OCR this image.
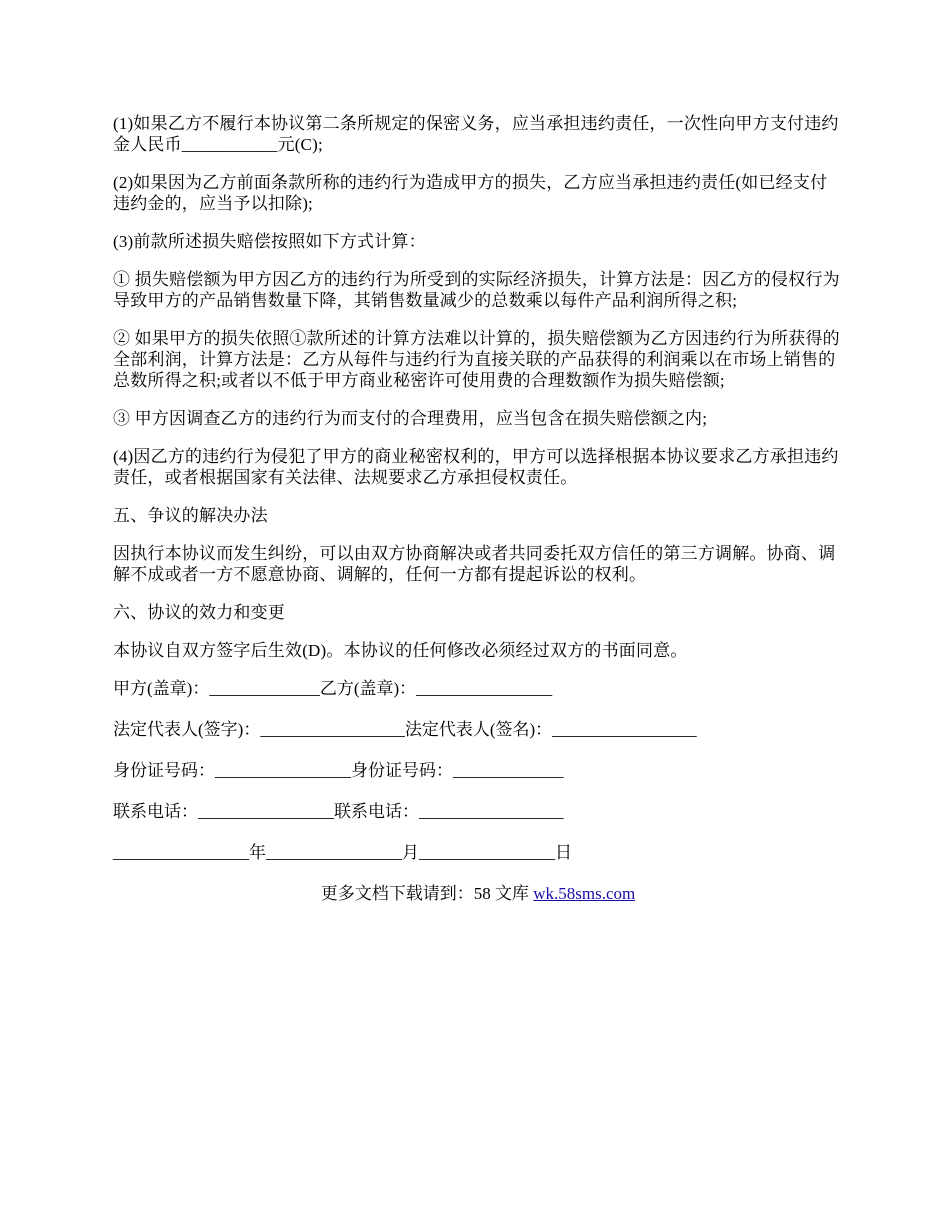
(1)如果乙方不履行本协议第二条所规定的保密义务，应当承担违约责任，一次性向甲方支付违约金人民币___________元(C);

(2)如果因为乙方前面条款所称的违约行为造成甲方的损失，乙方应当承担违约责任(如已经支付违约金的，应当予以扣除);

(3)前款所述损失赔偿按照如下方式计算：

① 损失赔偿额为甲方因乙方的违约行为所受到的实际经济损失，计算方法是：因乙方的侵权行为导致甲方的产品销售数量下降，其销售数量减少的总数乘以每件产品利润所得之积;

② 如果甲方的损失依照①款所述的计算方法难以计算的，损失赔偿额为乙方因违约行为所获得的全部利润，计算方法是：乙方从每件与违约行为直接关联的产品获得的利润乘以在市场上销售的总数所得之积;或者以不低于甲方商业秘密许可使用费的合理数额作为损失赔偿额;

③ 甲方因调查乙方的违约行为而支付的合理费用，应当包含在损失赔偿额之内;

(4)因乙方的违约行为侵犯了甲方的商业秘密权利的，甲方可以选择根据本协议要求乙方承担违约责任，或者根据国家有关法律、法规要求乙方承担侵权责任。

五、争议的解决办法

因执行本协议而发生纠纷，可以由双方协商解决或者共同委托双方信任的第三方调解。协商、调解不成或者一方不愿意协商、调解的，任何一方都有提起诉讼的权利。

六、协议的效力和变更

本协议自双方签字后生效(D)。本协议的任何修改必须经过双方的书面同意。

甲方(盖章)：_____________乙方(盖章)：________________

法定代表人(签字)：_________________法定代表人(签名)：_________________

身份证号码：________________身份证号码：_____________

联系电话：________________联系电话：_________________

________________年________________月________________日

更多文档下载请到：58 文库 wk.58sms.com
